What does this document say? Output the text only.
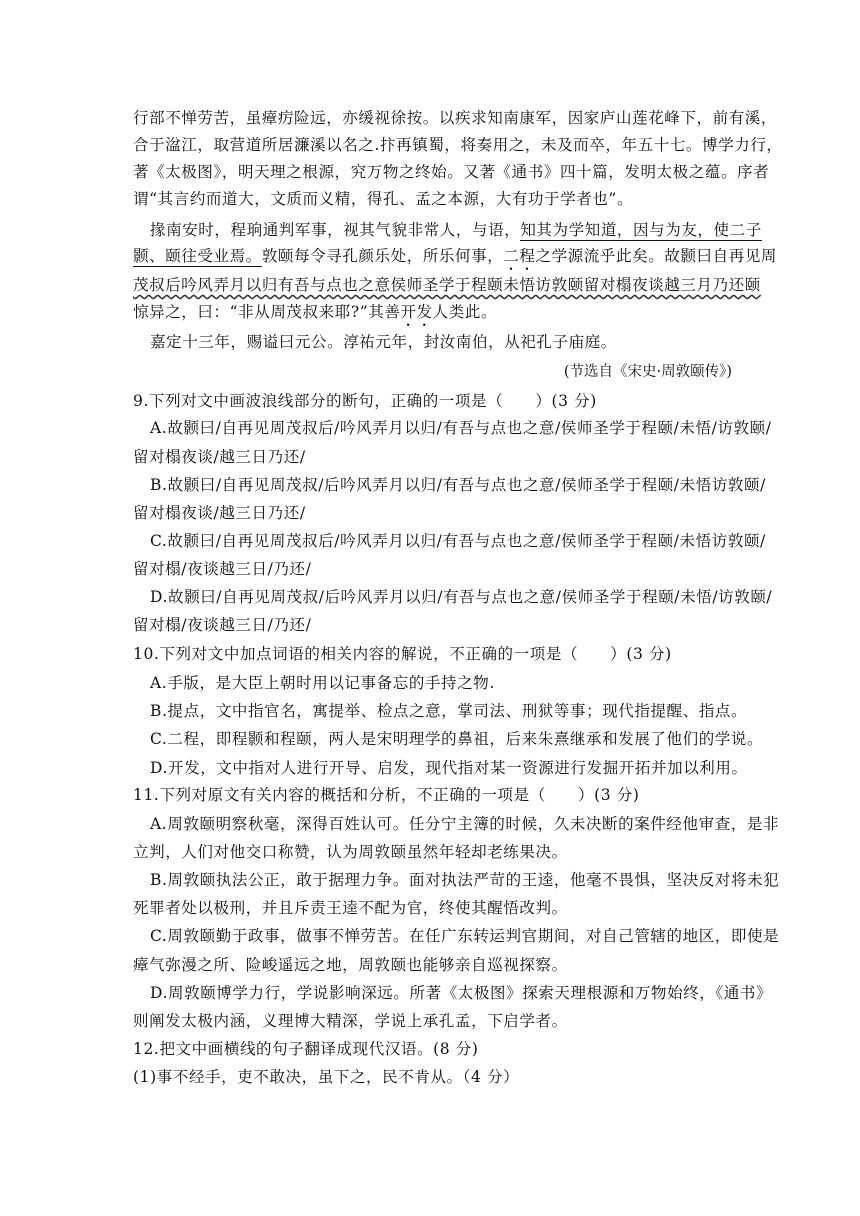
行部不惮劳苦，虽瘴疠险远，亦缓视徐按。以疾求知南康军，因家庐山莲花峰下，前有溪，
合于湓江，取营道所居濂溪以名之.抃再镇蜀，将奏用之，未及而卒，年五十七。博学力行，
著《太极图》，明天理之根源，究万物之终始。又著《通书》四十篇，发明太极之蕴。序者
谓“其言约而道大，文质而义精，得孔、孟之本源，大有功于学者也”。
掾南安时，程珦通判军事，视其气貌非常人，与语，知其为学知道，因与为友，使二子
颢、颐往受业焉。敦颐每令寻孔颜乐处，所乐何事，二程之学源流乎此矣。故颢曰自再见周
茂叔后吟风弄月以归有吾与点也之意侯师圣学于程颐未悟访敦颐留对榻夜谈越三月乃还颐
惊异之，曰：“非从周茂叔来耶?”其善开发人类此。
嘉定十三年，赐谥曰元公。淳祐元年，封汝南伯，从祀孔子庙庭。
(节选自《宋史·周敦颐传》)
9.下列对文中画波浪线部分的断句，正确的一项是（　　）(3 分)
A.故颢曰/自再见周茂叔后/吟风弄月以归/有吾与点也之意/侯师圣学于程颐/未悟/访敦颐/
留对榻夜谈/越三日乃还/
B.故颢曰/自再见周茂叔/后吟风弄月以归/有吾与点也之意/侯师圣学于程颐/未悟访敦颐/
留对榻夜谈/越三日乃还/
C.故颢曰/自再见周茂叔后/吟风弄月以归/有吾与点也之意/侯师圣学于程颐/未悟访敦颐/
留对榻/夜谈越三日/乃还/
D.故颢曰/自再见周茂叔/后吟风弄月以归/有吾与点也之意/侯师圣学于程颐/未悟/访敦颐/
留对榻/夜谈越三日/乃还/
10.下列对文中加点词语的相关内容的解说，不正确的一项是（　　）(3 分)
A.手版，是大臣上朝时用以记事备忘的手持之物.
B.提点，文中指官名，寓提举、检点之意，掌司法、刑狱等事；现代指提醒、指点。
C.二程，即程颢和程颐，两人是宋明理学的鼻祖，后来朱熹继承和发展了他们的学说。
D.开发，文中指对人进行开导、启发，现代指对某一资源进行发掘开拓并加以利用。
11.下列对原文有关内容的概括和分析，不正确的一项是（　　）(3 分)
A.周敦颐明察秋毫，深得百姓认可。任分宁主簿的时候，久未决断的案件经他审查，是非
立判，人们对他交口称赞，认为周敦颐虽然年轻却老练果决。
B.周敦颐执法公正，敢于据理力争。面对执法严苛的王逵，他毫不畏惧，坚决反对将未犯
死罪者处以极刑，并且斥责王逵不配为官，终使其醒悟改判。
C.周敦颐勤于政事，做事不惮劳苦。在任广东转运判官期间，对自己管辖的地区，即使是
瘴气弥漫之所、险峻遥远之地，周敦颐也能够亲自巡视探察。
D.周敦颐博学力行，学说影响深远。所著《太极图》探索天理根源和万物始终，《通书》
则阐发太极内涵，义理博大精深，学说上承孔孟，下启学者。
12.把文中画横线的句子翻译成现代汉语。(8 分)
(1)事不经手，吏不敢决，虽下之，民不肯从。（4 分）
